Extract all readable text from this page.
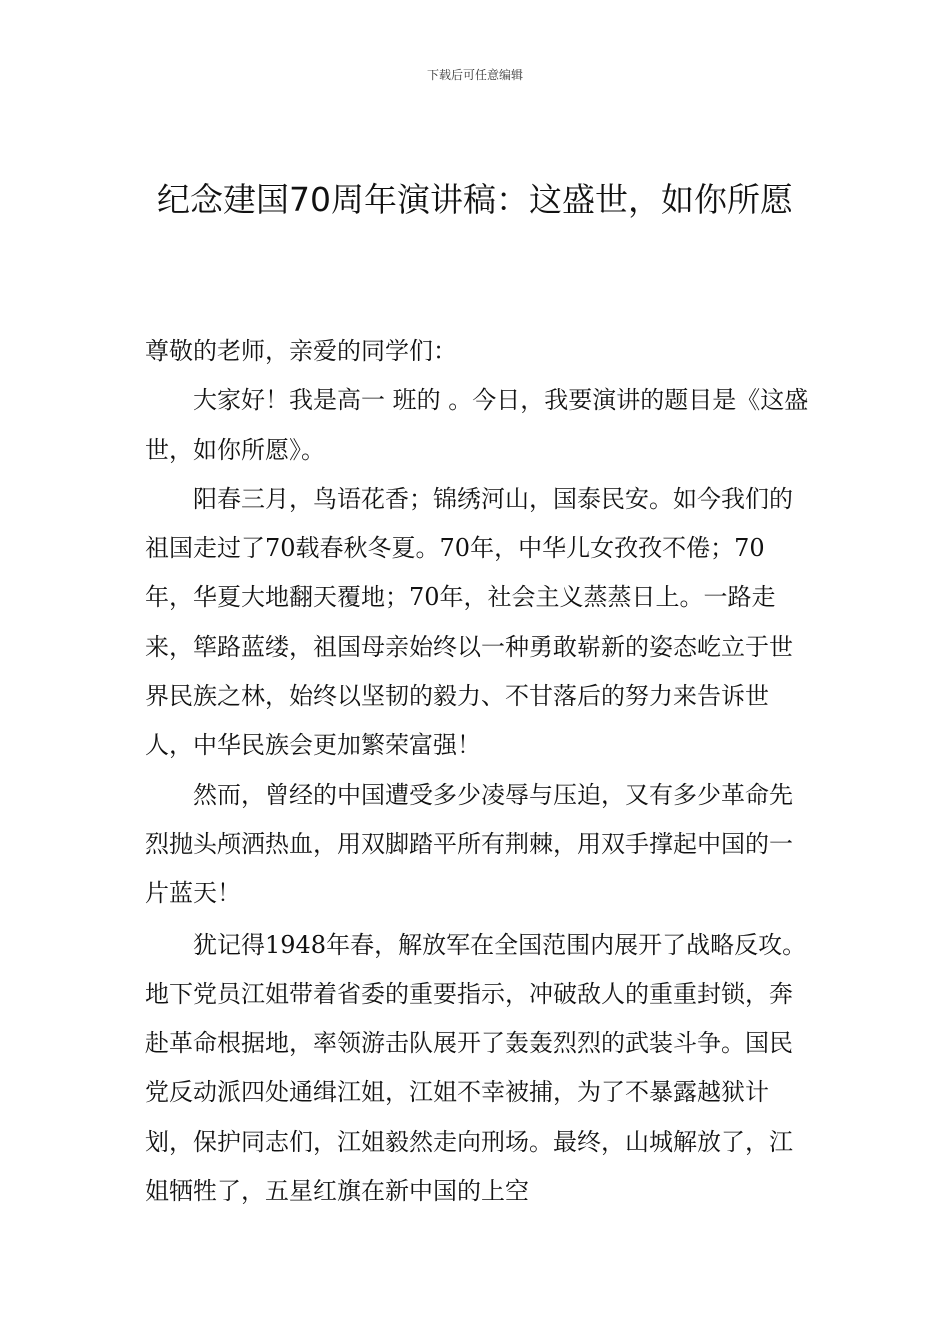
下载后可任意编辑
纪念建国70周年演讲稿：这盛世，如你所愿

尊敬的老师，亲爱的同学们：

大家好！我是高一 班的 。今日，我要演讲的题目是《这盛世，如你所愿》。

阳春三月，鸟语花香；锦绣河山，国泰民安。如今我们的祖国走过了70载春秋冬夏。70年，中华儿女孜孜不倦；70年，华夏大地翻天覆地；70年，社会主义蒸蒸日上。一路走来，筚路蓝缕，祖国母亲始终以一种勇敢崭新的姿态屹立于世界民族之林，始终以坚韧的毅力、不甘落后的努力来告诉世人，中华民族会更加繁荣富强！

然而，曾经的中国遭受多少凌辱与压迫，又有多少革命先烈抛头颅洒热血，用双脚踏平所有荆棘，用双手撑起中国的一片蓝天！

犹记得1948年春，解放军在全国范围内展开了战略反攻。地下党员江姐带着省委的重要指示，冲破敌人的重重封锁，奔赴革命根据地，率领游击队展开了轰轰烈烈的武装斗争。国民党反动派四处通缉江姐，江姐不幸被捕，为了不暴露越狱计划，保护同志们，江姐毅然走向刑场。最终，山城解放了，江姐牺牲了，五星红旗在新中国的上空
